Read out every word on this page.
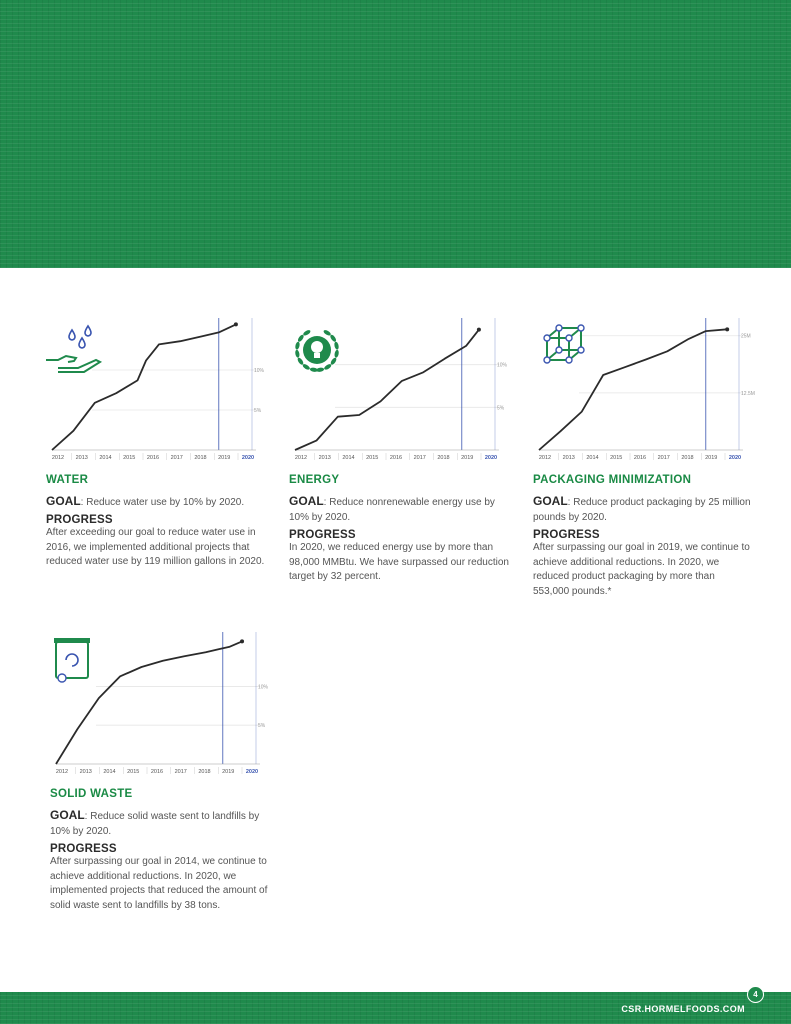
10%
5%
2012 2013 2014 2015 2016 2017 2018 2019 2020

WATER

GOAL: Reduce water use by 10% by 2020.

PROGRESS

After exceeding our goal to reduce water use in 2016, we implemented additional projects that reduced water use by 119 million gallons in 2020.

10%
5%
2012 2013 2014 2015 2016 2017 2018 2019 2020

ENERGY

GOAL: Reduce nonrenewable energy use by 10% by 2020.

PROGRESS

In 2020, we reduced energy use by more than 98,000 MMBtu. We have surpassed our reduction target by 32 percent.

25M
12.5M
2012 2013 2014 2015 2016 2017 2018 2019 2020

PACKAGING MINIMIZATION

GOAL: Reduce product packaging by 25 million pounds by 2020.

PROGRESS

After surpassing our goal in 2019, we continue to achieve additional reductions. In 2020, we reduced product packaging by more than 553,000 pounds.*

10%
5%
2012 2013 2014 2015 2016 2017 2018 2019 2020

SOLID WASTE

GOAL: Reduce solid waste sent to landfills by 10% by 2020.

PROGRESS

After surpassing our goal in 2014, we continue to achieve additional reductions. In 2020, we implemented projects that reduced the amount of solid waste sent to landfills by 38 tons.

CSR.HORMELFOODS.COM
4
